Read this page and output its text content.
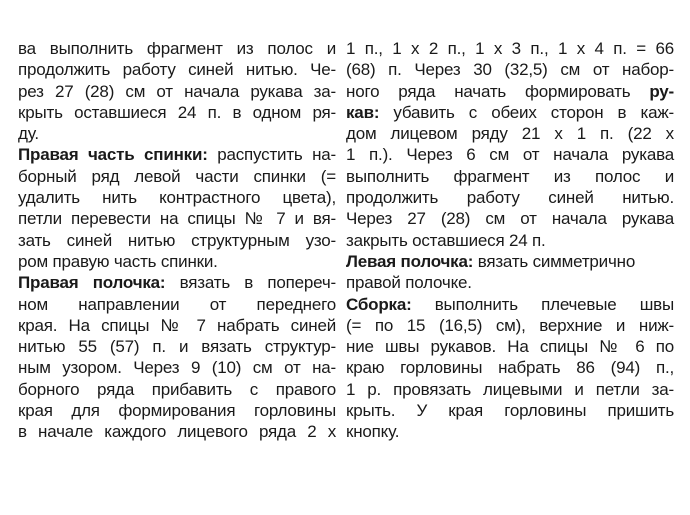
ва выполнить фрагмент из полос и
продолжить работу синей нитью. Че-
рез 27 (28) см от начала рукава за-
крыть оставшиеся 24 п. в одном ря-
ду.
Правая часть спинки: распустить на-
борный ряд левой части спинки (=
удалить нить контрастного цвета),
петли перевести на спицы № 7 и вя-
зать синей нитью структурным узо-
ром правую часть спинки.
Правая полочка: вязать в попереч-
ном направлении от переднего
края. На спицы № 7 набрать синей
нитью 55 (57) п. и вязать структур-
ным узором. Через 9 (10) см от на-
борного ряда прибавить с правого
края для формирования горловины
в начале каждого лицевого ряда 2 х
1 п., 1 х 2 п., 1 х 3 п., 1 х 4 п. = 66
(68) п. Через 30 (32,5) см от набор-
ного ряда начать формировать ру-
кав: убавить с обеих сторон в каж-
дом лицевом ряду 21 х 1 п. (22 х
1 п.). Через 6 см от начала рукава
выполнить фрагмент из полос и
продолжить работу синей нитью.
Через 27 (28) см от начала рукава
закрыть оставшиеся 24 п.
Левая полочка: вязать симметрично
правой полочке.
Сборка: выполнить плечевые швы
(= по 15 (16,5) см), верхние и ниж-
ние швы рукавов. На спицы № 6 по
краю горловины набрать 86 (94) п.,
1 р. провязать лицевыми и петли за-
крыть. У края горловины пришить
кнопку.
